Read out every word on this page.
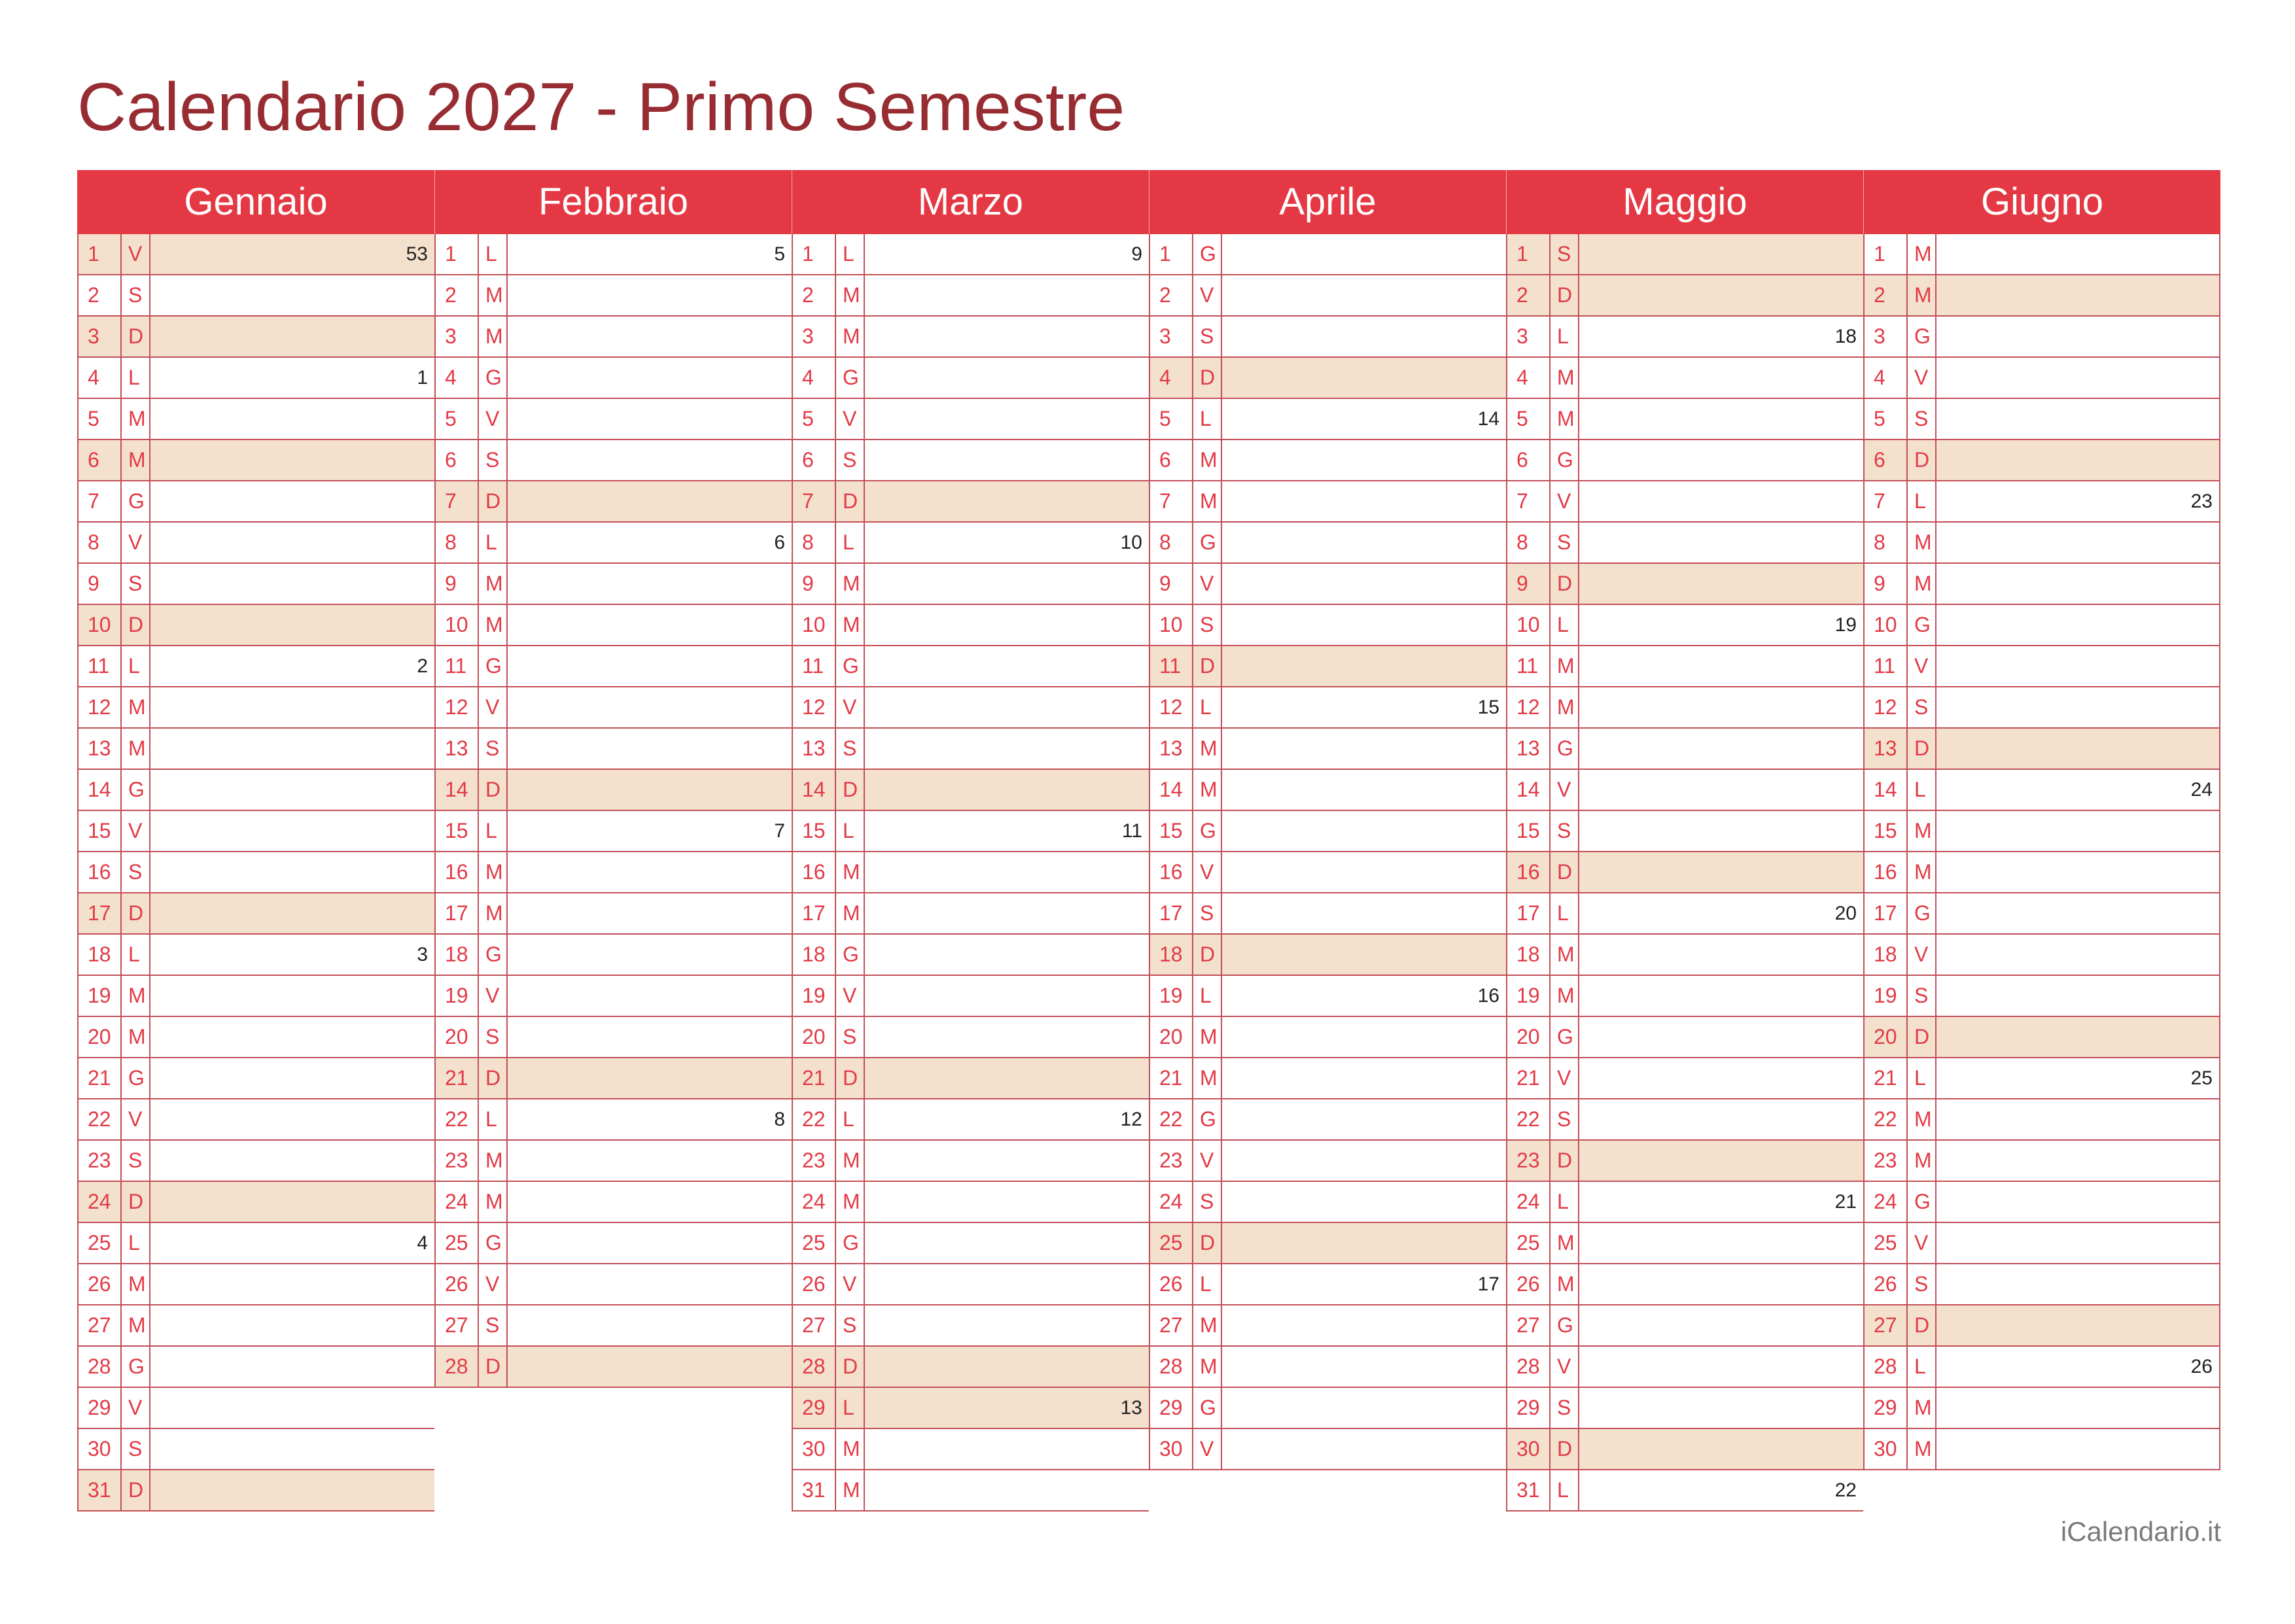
Calendario 2027 - Primo Semestre
Gennaio
1	V	53
2	S
3	D
4	L	1
5	M
6	M
7	G
8	V
9	S
10 D
11 L	2
12 M
13 M
14 G
15 V
16 S
17 D
18 L	3
19 M
20 M
21 G
22 V
23 S
24 D
25 L	4
26 M
27 M
28 G
29 V
30 S
31 D
Febbraio
1	L	5
2	M
3	M
4	G
5	V
6	S
7	D
8	L	6
9	M
10 M
11 G
12 V
13 S
14 D
15 L	7
16 M
17 M
18 G
19 V
20 S
21 D
22 L	8
23 M
24 M
25 G
26 V
27 S
28 D
Marzo
1	L	9
2	M
3	M
4	G
5	V
6	S
7	D
8	L	10
9	M
10 M
11 G
12 V
13 S
14 D
15 L	11
16 M
17 M
18 G
19 V
20 S
21 D
22 L	12
23 M
24 M
25 G
26 V
27 S
28 D
29 L	13
30 M
31 M
Aprile
1	G
2	V
3	S
4	D
5	L	14
6	M
7	M
8	G
9	V
10 S
11 D
12 L	15
13 M
14 M
15 G
16 V
17 S
18 D
19 L	16
20 M
21 M
22 G
23 V
24 S
25 D
26 L	17
27 M
28 M
29 G
30 V
Maggio
1	S
2	D
3	L	18
4	M
5	M
6	G
7	V
8	S
9	D
10 L	19
11 M
12 M
13 G
14 V
15 S
16 D
17 L	20
18 M
19 M
20 G
21 V
22 S
23 D
24 L	21
25 M
26 M
27 G
28 V
29 S
30 D
31 L	22
Giugno
1	M
2	M
3	G
4	V
5	S
6	D
7	L	23
8	M
9	M
10 G
11 V
12 S
13 D
14 L	24
15 M
16 M
17 G
18 V
19 S
20 D
21 L	25
22 M
23 M
24 G
25 V
26 S
27 D
28 L	26
29 M
30 M
iCalendario.it
